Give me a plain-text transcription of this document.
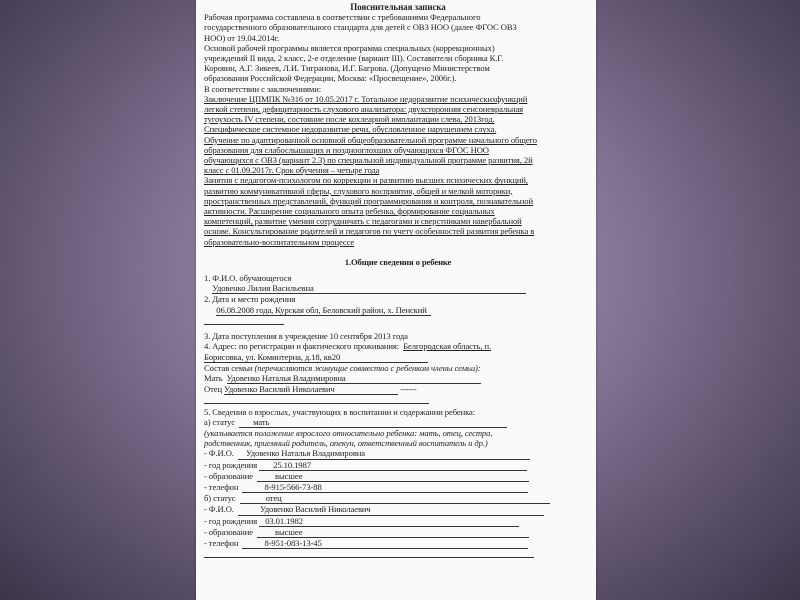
Пояснительная записка
Рабочая программа составлена в соответствии с требованиями Федерального
государственного образовательного стандарта для детей с ОВЗ НОО (далее ФГОС ОВЗ
НОО) от 19.04.2014г.
Основой рабочей программы является программа специальных (коррекционных)
учреждений II вида, 2 класс, 2-е отделение (вариант III). Составители сборника К.Г.
Коровин, А.Г. Зикеев, Л.И. Тигранова, И.Г. Багрова. (Допущено Министерством
образования Российской Федерации, Москва: «Просвещение», 2006г.).
В соответствии с заключениями:
Заключение ЦПМПК №316 от 10.05.2017 г. Тотальное недоразвитие психическихфункций
легкой степени, дефицитарность слухового анализатора: двухсторонняя сенсоневральная
тугоухость IV степени, состояние после кохлеарной имплантации слева, 2013год.
Специфическое системное недоразвитие речи, обусловленное нарушением слуха.
Обучение по адаптированной основной общеобразовательной программе начального общего
образования для слабослышащих и позднооглохших обучающихся ФГОС НОО
обучающихся с ОВЗ (вариант 2.3) по специальной индивидуальной программе развития, 2й
класс с 01.09.2017г. Срок обучения – четыре года
Занятия с педагогом-психологом по коррекции и развитию высших психических функций,
развитию коммуникативной сферы, слухового восприятия, общей и мелкой моторики,
пространственных представлений, функций программирования и контроля, познавательной
активности. Расширение социального опыта ребенка, формирование социальных
компетенций, развитие умения сотрудничать с педагогами и сверстниками навербальной
основе. Консультирование родителей и педагогов по учету особенностей развития ребенка в
образовательно-воспитательном процессе
1.Общие сведения о ребенке
1. Ф.И.О. обучающегося
Удовенко Лилия Васильевна
2. Дата и место рождения
06.08.2008 года, Курская обл, Беловский район, х. Пенский
3. Дата поступления в учреждение 10 сентября 2013 года
4. Адрес: по регистрации и фактического проживания: Белгородская область, п.
Борисовка, ул. Коминтерна, д.18, кв20
Состав семьи (перечисляются живущие совместно с ребенком члены семьи):
Мать Удовенко Наталья Владимировна
Отец Удовенко Василий Николаевич	------
5. Сведения о взрослых, участвующих в воспитании и содержании ребенка:
а) статус мать
(указывается положение взрослого относительно ребенка: мать, отец, сестра,
родственник, приемный родитель, опекун, ответственный воспитатель и др.)
- Ф.И.О. Удовенко Наталья Владимировна
- год рождения 25.10.1987
- образование	высшее
- телефон	8-915-566-73-88
б) статус	отец
- Ф.И.О.	Удовенко Василий Николаевич
- год рождения 03.01.1982
- образование	высшее
- телефон	8-951-083-13-45
